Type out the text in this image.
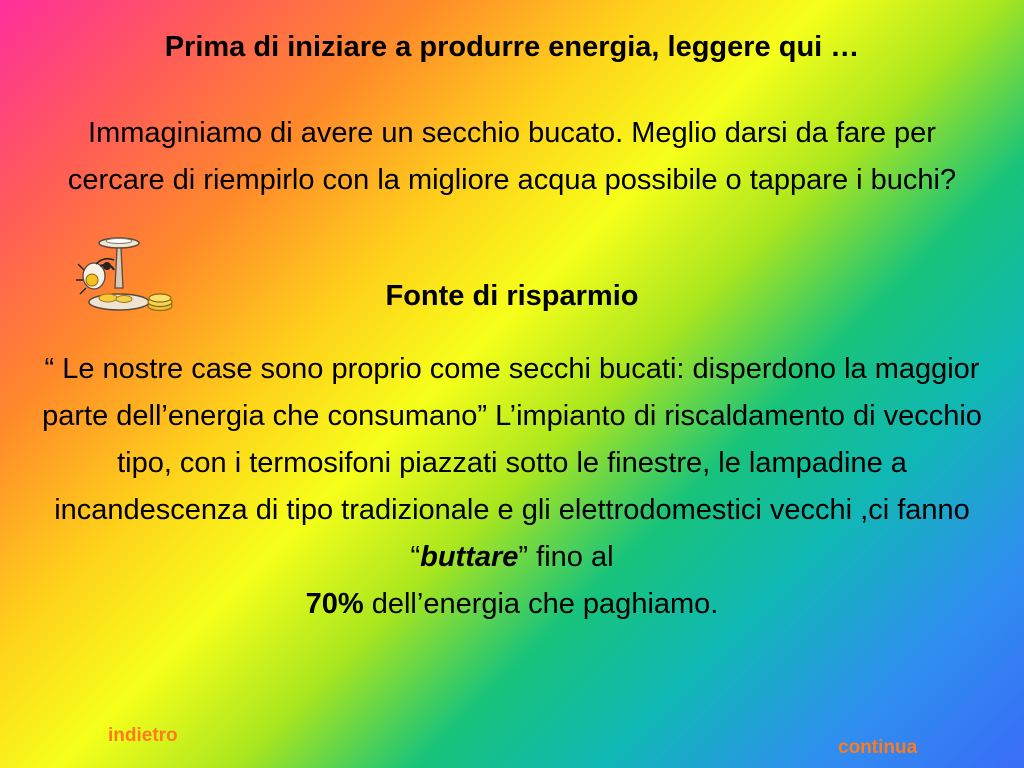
Prima di iniziare a produrre energia, leggere qui …
Immaginiamo di avere un secchio bucato. Meglio darsi da fare per cercare di riempirlo con la migliore acqua possibile o tappare i buchi?
Fonte di risparmio
“ Le nostre case sono proprio come secchi bucati: disperdono la maggior parte dell’energia che consumano” L’impianto di riscaldamento di vecchio tipo, con i termosifoni piazzati sotto le finestre, le lampadine a incandescenza di tipo tradizionale e gli elettrodomestici vecchi ,ci fanno “buttare” fino al
70% dell’energia che paghiamo.
indietro
continua
